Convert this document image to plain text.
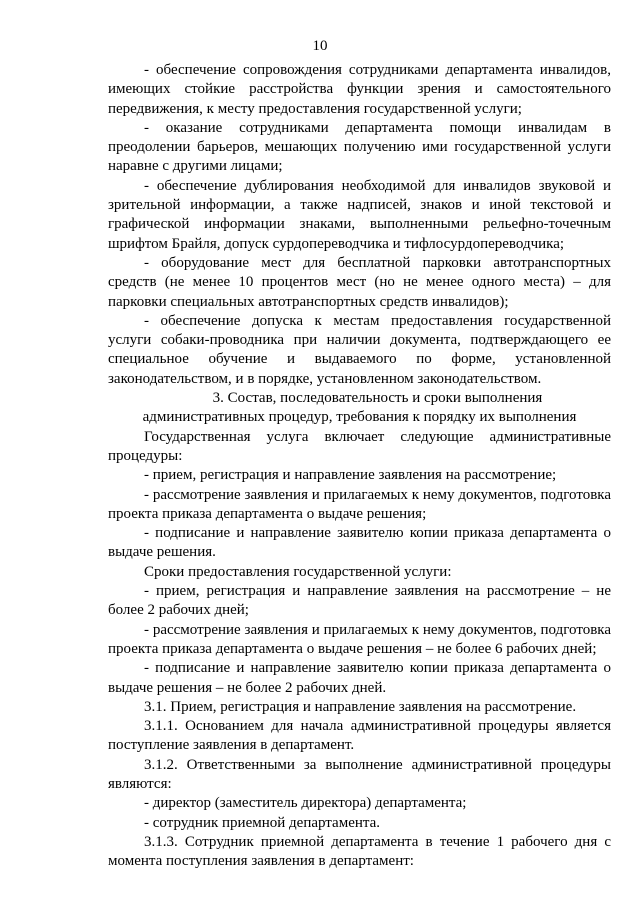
10

- обеспечение сопровождения сотрудниками департамента инвалидов, имеющих стойкие расстройства функции зрения и самостоятельного передвижения, к месту предоставления государственной услуги;

- оказание сотрудниками департамента помощи инвалидам в преодолении барьеров, мешающих получению ими государственной услуги наравне с другими лицами;

- обеспечение дублирования необходимой для инвалидов звуковой и зрительной информации, а также надписей, знаков и иной текстовой и графической информации знаками, выполненными рельефно-точечным шрифтом Брайля, допуск сурдопереводчика и тифлосурдопереводчика;

- оборудование мест для бесплатной парковки автотранспортных средств (не менее 10 процентов мест (но не менее одного места) – для парковки специальных автотранспортных средств инвалидов);

- обеспечение допуска к местам предоставления государственной услуги собаки-проводника при наличии документа, подтверждающего ее специальное обучение и выдаваемого по форме, установленной законодательством, и в порядке, установленном законодательством.

3. Состав, последовательность и сроки выполнения административных процедур, требования к порядку их выполнения

Государственная услуга включает следующие административные процедуры:

- прием, регистрация и направление заявления на рассмотрение;

- рассмотрение заявления и прилагаемых к нему документов, подготовка проекта приказа департамента о выдаче решения;

- подписание и направление заявителю копии приказа департамента о выдаче решения.

Сроки предоставления государственной услуги:

- прием, регистрация и направление заявления на рассмотрение – не более 2 рабочих дней;

- рассмотрение заявления и прилагаемых к нему документов, подготовка проекта приказа департамента о выдаче решения – не более 6 рабочих дней;

- подписание и направление заявителю копии приказа департамента о выдаче решения – не более 2 рабочих дней.

3.1. Прием, регистрация и направление заявления на рассмотрение.

3.1.1. Основанием для начала административной процедуры является поступление заявления в департамент.

3.1.2. Ответственными за выполнение административной процедуры являются:

- директор (заместитель директора) департамента;

- сотрудник приемной департамента.

3.1.3. Сотрудник приемной департамента в течение 1 рабочего дня с момента поступления заявления в департамент:
